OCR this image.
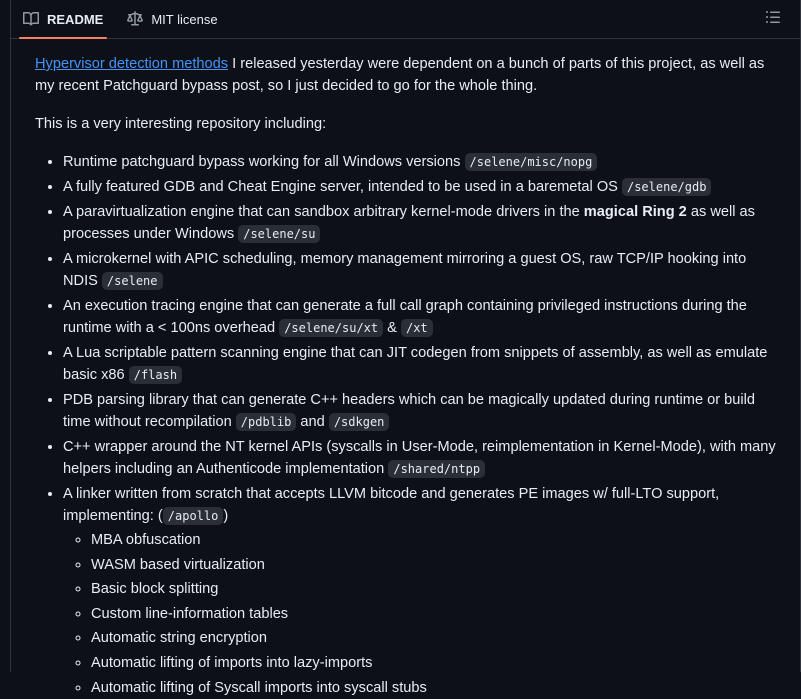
README	MIT license

Hypervisor detection methods I released yesterday were dependent on a bunch of parts of this project, as well as my recent Patchguard bypass post, so I just decided to go for the whole thing.

This is a very interesting repository including:

• Runtime patchguard bypass working for all Windows versions /selene/misc/nopg
• A fully featured GDB and Cheat Engine server, intended to be used in a baremetal OS /selene/gdb
• A paravirtualization engine that can sandbox arbitrary kernel-mode drivers in the magical Ring 2 as well as processes under Windows /selene/su
• A microkernel with APIC scheduling, memory management mirroring a guest OS, raw TCP/IP hooking into NDIS /selene
• An execution tracing engine that can generate a full call graph containing privileged instructions during the runtime with a < 100ns overhead /selene/su/xt & /xt
• A Lua scriptable pattern scanning engine that can JIT codegen from snippets of assembly, as well as emulate basic x86 /flash
• PDB parsing library that can generate C++ headers which can be magically updated during runtime or build time without recompilation /pdblib and /sdkgen
• C++ wrapper around the NT kernel APIs (syscalls in User-Mode, reimplementation in Kernel-Mode), with many helpers including an Authenticode implementation /shared/ntpp
• A linker written from scratch that accepts LLVM bitcode and generates PE images w/ full-LTO support, implementing: ( /apollo )
◦ MBA obfuscation
◦ WASM based virtualization
◦ Basic block splitting
◦ Custom line-information tables
◦ Automatic string encryption
◦ Automatic lifting of imports into lazy-imports
◦ Automatic lifting of Syscall imports into syscall stubs
